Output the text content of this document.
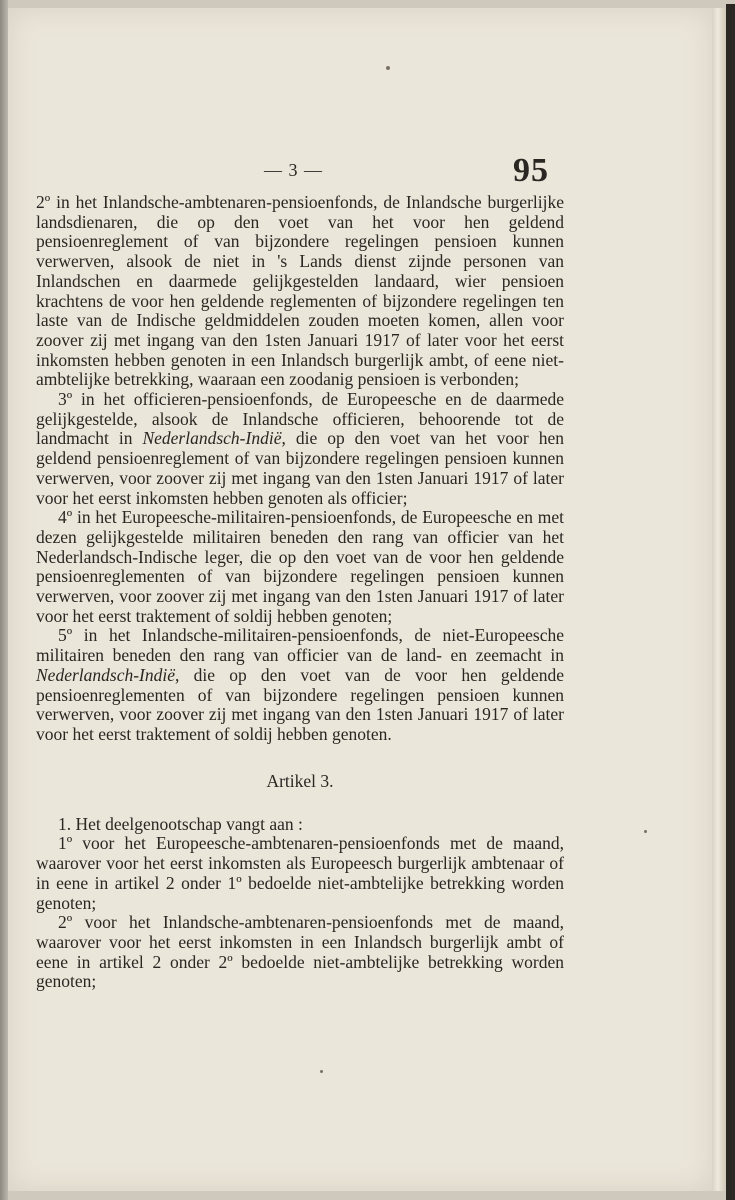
— 3 —	95

2º in het Inlandsche-ambtenaren-pensioenfonds, de Inlandsche burgerlijke landsdienaren, die op den voet van het voor hen geldend pensioenreglement of van bijzondere regelingen pensioen kunnen verwerven, alsook de niet in 's Lands dienst zijnde personen van Inlandschen en daarmede gelijkgestelden landaard, wier pensioen krachtens de voor hen geldende reglementen of bijzondere regelingen ten laste van de Indische geldmiddelen zouden moeten komen, allen voor zoover zij met ingang van den 1sten Januari 1917 of later voor het eerst inkomsten hebben genoten in een Inlandsch burgerlijk ambt, of eene niet-ambtelijke betrekking, waaraan een zoodanig pensioen is verbonden;

3º in het officieren-pensioenfonds, de Europeesche en de daarmede gelijkgestelde, alsook de Inlandsche officieren, behoorende tot de landmacht in Nederlandsch-Indië, die op den voet van het voor hen geldend pensioenreglement of van bijzondere regelingen pensioen kunnen verwerven, voor zoover zij met ingang van den 1sten Januari 1917 of later voor het eerst inkomsten hebben genoten als officier;

4º in het Europeesche-militairen-pensioenfonds, de Europeesche en met dezen gelijkgestelde militairen beneden den rang van officier van het Nederlandsch-Indische leger, die op den voet van de voor hen geldende pensioenreglementen of van bijzondere regelingen pensioen kunnen verwerven, voor zoover zij met ingang van den 1sten Januari 1917 of later voor het eerst traktement of soldij hebben genoten;

5º in het Inlandsche-militairen-pensioenfonds, de niet-Europeesche militairen beneden den rang van officier van de land- en zeemacht in Nederlandsch-Indië, die op den voet van de voor hen geldende pensioenreglementen of van bijzondere regelingen pensioen kunnen verwerven, voor zoover zij met ingang van den 1sten Januari 1917 of later voor het eerst traktement of soldij hebben genoten.

Artikel 3.

1. Het deelgenootschap vangt aan :

1º voor het Europeesche-ambtenaren-pensioenfonds met de maand, waarover voor het eerst inkomsten als Europeesch burgerlijk ambtenaar of in eene in artikel 2 onder 1º bedoelde niet-ambtelijke betrekking worden genoten;

2º voor het Inlandsche-ambtenaren-pensioenfonds met de maand, waarover voor het eerst inkomsten in een Inlandsch burgerlijk ambt of eene in artikel 2 onder 2º bedoelde niet-ambtelijke betrekking worden genoten;
